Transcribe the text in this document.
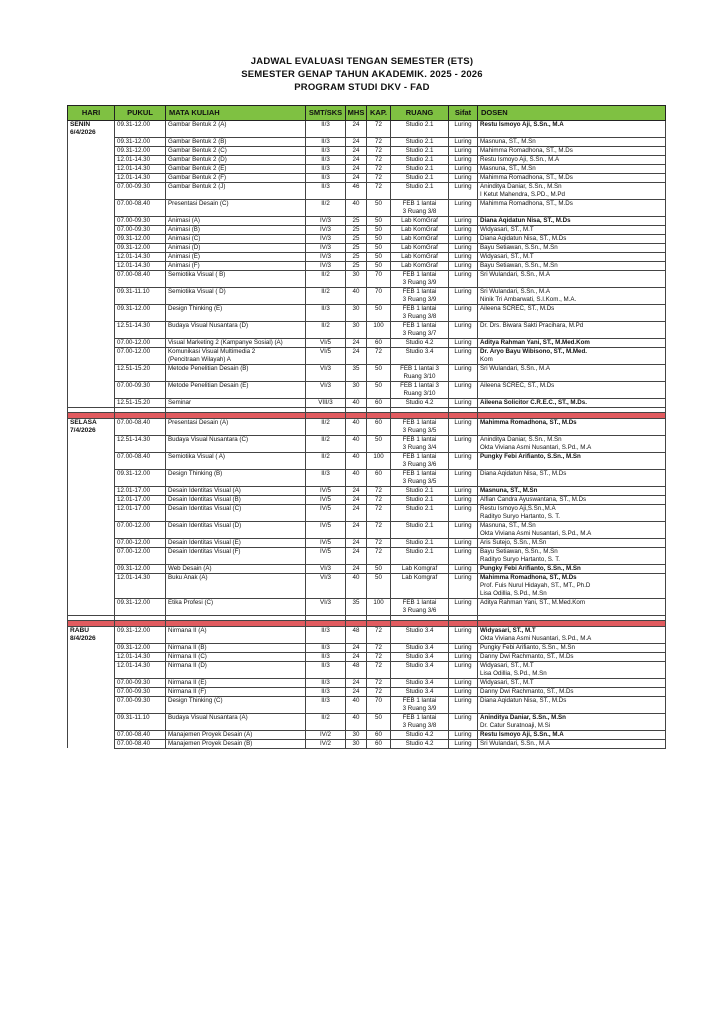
JADWAL EVALUASI TENGAN SEMESTER (ETS)
SEMESTER GENAP TAHUN AKADEMIK. 2025 - 2026
PROGRAM STUDI DKV - FAD
HARI	PUKUL	MATA KULIAH	SMT/SKS	MHS	KAP.	RUANG	Sifat	DOSEN

SENIN
6/4/2026	09.31-12.00	Gambar Bentuk 2 (A)	II/3	24	72	Studio 2.1	Luring	Restu Ismoyo Aji, S.Sn., M.A

	09.31-12.00	Gambar Bentuk 2 (B)	II/3	24	72	Studio 2.1	Luring	Masnuna, ST., M.Sn

	09.31-12.00	Gambar Bentuk 2 (C)	II/3	24	72	Studio 2.1	Luring	Mahimma Romadhona, ST., M.Ds

	12.01-14.30	Gambar Bentuk 2 (D)	II/3	24	72	Studio 2.1	Luring	Restu Ismoyo Aji, S.Sn., M.A

	12.01-14.30	Gambar Bentuk 2 (E)	II/3	24	72	Studio 2.1	Luring	Masnuna, ST., M.Sn

	12.01-14.30	Gambar Bentuk 2 (F)	II/3	24	72	Studio 2.1	Luring	Mahimma Romadhona, ST., M.Ds

	07.00-09.30	Gambar Bentuk 2 (J)	II/3	46	72	Studio 2.1	Luring	Aninditya Daniar, S.Sn., M.Sn
I Ketut Mahendra, S.PD., M.Pd

	07.00-08.40	Presentasi Desain (C)	II/2	40	50	FEB 1 lantai
3 Ruang 3/8	Luring	Mahimma Romadhona, ST., M.Ds

	07.00-09.30	Animasi (A)	IV/3	25	50	Lab KomGraf	Luring	Diana Aqidatun Nisa, ST., M.Ds

	07.00-09.30	Animasi (B)	IV/3	25	50	Lab KomGraf	Luring	Widyasari, ST., M.T

	09.31-12.00	Animasi (C)	IV/3	25	50	Lab KomGraf	Luring	Diana Aqidatun Nisa, ST., M.Ds

	09.31-12.00	Animasi (D)	IV/3	25	50	Lab KomGraf	Luring	Bayu Setiawan, S.Sn., M.Sn

	12.01-14.30	Animasi (E)	IV/3	25	50	Lab KomGraf	Luring	Widyasari, ST., M.T

	12.01-14.30	Animasi (F)	IV/3	25	50	Lab KomGraf	Luring	Bayu Setiawan, S.Sn., M.Sn

	07.00-08.40	Semiotika Visual ( B)	II/2	30	70	FEB 1 lantai
3 Ruang 3/9	Luring	Sri Wulandari, S.Sn., M.A

	09.31-11.10	Semiotika Visual ( D)	II/2	40	70	FEB 1 lantai
3 Ruang 3/9	Luring	Sri Wulandari, S.Sn., M.A
Ninik Tri Ambarwati, S.I.Kom., M.A.

	09.31-12.00	Design Thinking (E)	II/3	30	50	FEB 1 lantai
3 Ruang 3/8	Luring	Aileena SCREC, ST., M.Ds

	12.51-14.30	Budaya Visual Nusantara (D)	II/2	30	100	FEB 1 lantai
3 Ruang 3/7	Luring	Dr. Drs. Biwara Sakti Pracihara, M.Pd

	07.00-12.00	Visual Marketing 2 (Kampanye Sosial) (A)	VI/5	24	60	Studio 4.2	Luring	Aditya Rahman Yani, ST., M.Med.Kom

	07.00-12.00	Komunikasi Visual Multimedia 2
(Pencitraan Wilayah) A	VI/5	24	72	Studio 3.4	Luring	Dr. Aryo Bayu Wibisono, ST., M.Med.
Kom

	12.51-15.20	Metode Penelitian Desain (B)	VI/3	35	50	FEB 1 lantai 3
Ruang 3/10	Luring	Sri Wulandari, S.Sn., M.A

	07.00-09.30	Metode Penelitian Desain (E)	VI/3	30	50	FEB 1 lantai 3
Ruang 3/10	Luring	Aileena SCREC, ST., M.Ds

	12.51-15.20	Seminar	VIII/3	40	60	Studio 4.2	Luring	Aileena Solicitor C.R.E.C., ST., M.Ds.

SELASA
7/4/2026	07.00-08.40	Presentasi Desain (A)	II/2	40	60	FEB 1 lantai
3 Ruang 3/5	Luring	Mahimma Romadhona, ST., M.Ds

	12.51-14.30	Budaya Visual Nusantara (C)	II/2	40	50	FEB 1 lantai
3 Ruang 3/4	Luring	Aninditya Daniar, S.Sn., M.Sn
Okta Viviana Asmi Nusantari, S.Pd., M.A

	07.00-08.40	Semiotika Visual ( A)	II/2	40	100	FEB 1 lantai
3 Ruang 3/6	Luring	Pungky Febi Arifianto, S.Sn., M.Sn

	09.31-12.00	Design Thinking (B)	II/3	40	60	FEB 1 lantai
3 Ruang 3/5	Luring	Diana Aqidatun Nisa, ST., M.Ds

	12.01-17.00	Desain Identitas Visual (A)	IV/5	24	72	Studio 2.1	Luring	Masnuna, ST., M.Sn

	12.01-17.00	Desain Identitas Visual (B)	IV/5	24	72	Studio 2.1	Luring	Alfian Candra Ayuswantana, ST., M.Ds

	12.01-17.00	Desain Identitas Visual (C)	IV/5	24	72	Studio 2.1	Luring	Restu Ismoyo Aji,S.Sn.,M.A
Radityo Suryo Hartanto, S. T.

	07.00-12.00	Desain Identitas Visual (D)	IV/5	24	72	Studio 2.1	Luring	Masnuna, ST., M.Sn
Okta Viviana Asmi Nusantari, S.Pd., M.A

	07.00-12.00	Desain Identitas Visual (E)	IV/5	24	72	Studio 2.1	Luring	Aris Sutejo, S.Sn., M.Sn

	07.00-12.00	Desain Identitas Visual (F)	IV/5	24	72	Studio 2.1	Luring	Bayu Setiawan, S.Sn., M.Sn
Radityo Suryo Hartanto, S. T.

	09.31-12.00	Web Desain (A)	VI/3	24	50	Lab Komgraf	Luring	Pungky Febi Arifianto, S.Sn., M.Sn

	12.01-14.30	Buku Anak (A)	VI/3	40	50	Lab Komgraf	Luring	Mahimma Romadhona, ST., M.Ds
Prof. Fuis Nurul Hidayah, ST., MT., Ph.D
Lisa Odillia, S.Pd., M.Sn

	09.31-12.00	Etika Profesi (C)	VI/3	35	100	FEB 1 lantai
3 Ruang 3/6	Luring	Aditya Rahman Yani, ST., M.Med.Kom

RABU
8/4/2026	09.31-12.00	Nirmana II (A)	II/3	48	72	Studio 3.4	Luring	Widyasari, ST., M.T
Okta Viviana Asmi Nusantari, S.Pd., M.A

	09.31-12.00	Nirmana II (B)	II/3	24	72	Studio 3.4	Luring	Pungky Febi Arifianto, S.Sn., M.Sn

	12.01-14.30	Nirmana II (C)	II/3	24	72	Studio 3.4	Luring	Danny Dwi Rachmanto, ST., M.Ds

	12.01-14.30	Nirmana II (D)	II/3	48	72	Studio 3.4	Luring	Widyasari, ST., M.T
Lisa Odillia, S.Pd., M.Sn

	07.00-09.30	Nirmana II (E)	II/3	24	72	Studio 3.4	Luring	Widyasari, ST., M.T

	07.00-09.30	Nirmana II (F)	II/3	24	72	Studio 3.4	Luring	Danny Dwi Rachmanto, ST., M.Ds

	07.00-09.30	Design Thinking (C)	II/3	40	70	FEB 1 lantai
3 Ruang 3/9	Luring	Diana Aqidatun Nisa, ST., M.Ds

	09.31-11.10	Budaya Visual Nusantara (A)	II/2	40	50	FEB 1 lantai
3 Ruang 3/8	Luring	Aninditya Daniar, S.Sn., M.Sn
Dr. Catur Suratnoaji, M.Si

	07.00-08.40	Manajemen Proyek Desain (A)	IV/2	30	60	Studio 4.2	Luring	Restu Ismoyo Aji, S.Sn., M.A

	07.00-08.40	Manajemen Proyek Desain (B)	IV/2	30	60	Studio 4.2	Luring	Sri Wulandari, S.Sn., M.A
